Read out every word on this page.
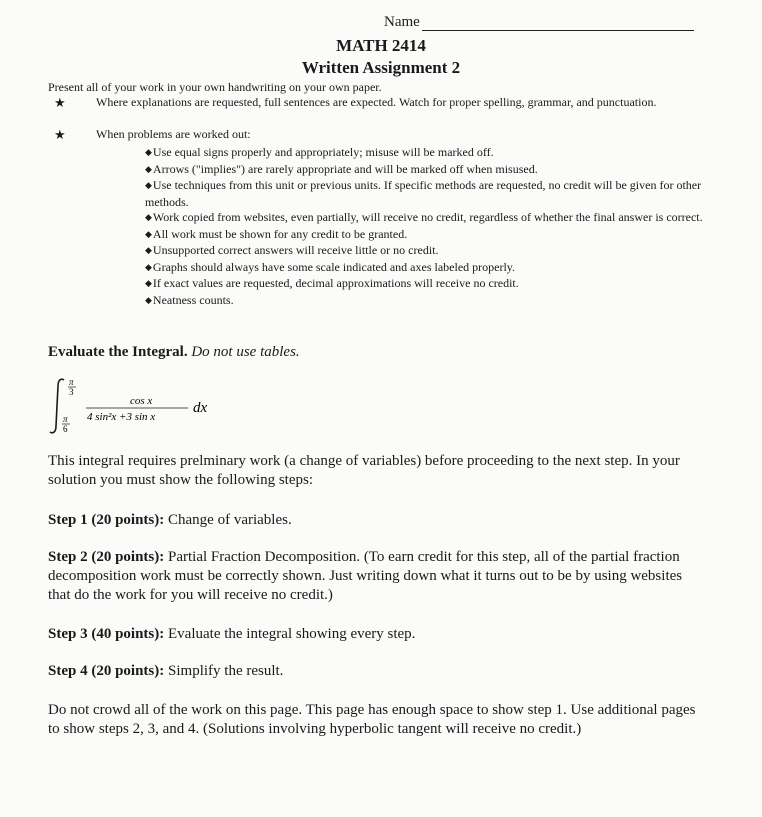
Name
MATH 2414
Written Assignment 2
Present all of your work in your own handwriting on your own paper.
★	Where explanations are requested, full sentences are expected. Watch for proper spelling, grammar, and punctuation.
★	When problems are worked out:

◆Use equal signs properly and appropriately; misuse will be marked off.

◆Arrows ("implies") are rarely appropriate and will be marked off when misused.

◆Use techniques from this unit or previous units. If specific methods are requested, no credit will be given for other methods.

◆Work copied from websites, even partially, will receive no credit, regardless of whether the final answer is correct.

◆All work must be shown for any credit to be granted.

◆Unsupported correct answers will receive little or no credit.

◆Graphs should always have some scale indicated and axes labeled properly.

◆If exact values are requested, decimal approximations will receive no credit.

◆Neatness counts.

Evaluate the Integral. Do not use tables.
π
3
π
6
cos x
4 sin²x +3 sin x
dx
This integral requires prelminary work (a change of variables) before proceeding to the next step. In your solution you must show the following steps:
Step 1 (20 points): Change of variables.
Step 2 (20 points): Partial Fraction Decomposition. (To earn credit for this step, all of the partial fraction decomposition work must be correctly shown. Just writing down what it turns out to be by using websites that do the work for you will receive no credit.)
Step 3 (40 points): Evaluate the integral showing every step.
Step 4 (20 points): Simplify the result.
Do not crowd all of the work on this page. This page has enough space to show step 1. Use additional pages to show steps 2, 3, and 4. (Solutions involving hyperbolic tangent will receive no credit.)
